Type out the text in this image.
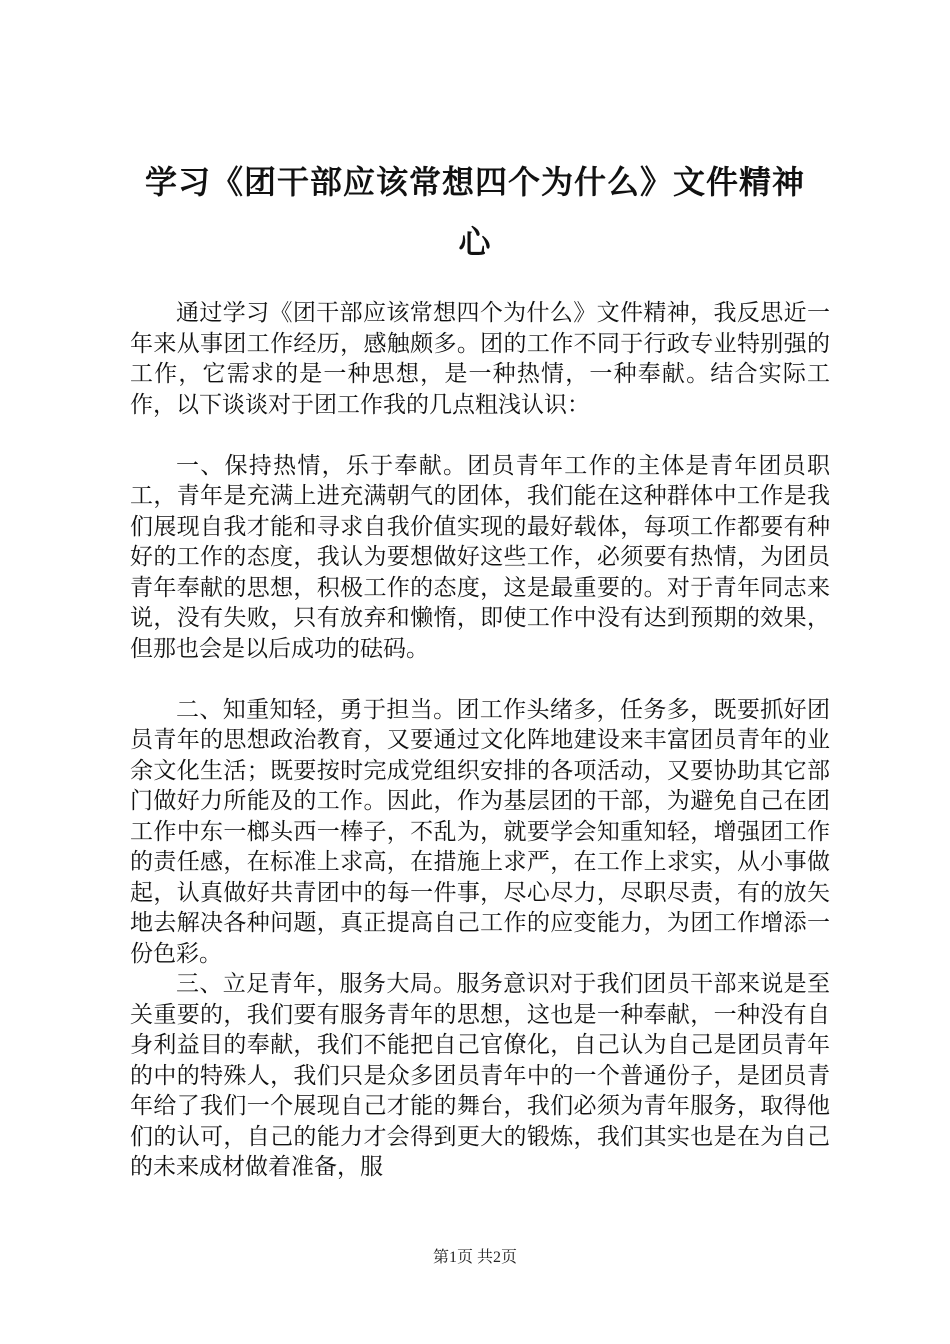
学习《团干部应该常想四个为什么》文件精神
心

通过学习《团干部应该常想四个为什么》文件精神，我反思近一年来从事团工作经历，感触颇多。团的工作不同于行政专业特别强的工作，它需求的是一种思想，是一种热情，一种奉献。结合实际工作，以下谈谈对于团工作我的几点粗浅认识：

一、保持热情，乐于奉献。团员青年工作的主体是青年团员职工，青年是充满上进充满朝气的团体，我们能在这种群体中工作是我们展现自我才能和寻求自我价值实现的最好载体，每项工作都要有种好的工作的态度，我认为要想做好这些工作，必须要有热情，为团员青年奉献的思想，积极工作的态度，这是最重要的。对于青年同志来说，没有失败，只有放弃和懒惰，即使工作中没有达到预期的效果，但那也会是以后成功的砝码。

二、知重知轻，勇于担当。团工作头绪多，任务多，既要抓好团员青年的思想政治教育，又要通过文化阵地建设来丰富团员青年的业余文化生活；既要按时完成党组织安排的各项活动，又要协助其它部门做好力所能及的工作。因此，作为基层团的干部，为避免自己在团工作中东一榔头西一棒子，不乱为，就要学会知重知轻，增强团工作的责任感，在标准上求高，在措施上求严，在工作上求实，从小事做起，认真做好共青团中的每一件事，尽心尽力，尽职尽责，有的放矢地去解决各种问题，真正提高自己工作的应变能力，为团工作增添一份色彩。

三、立足青年，服务大局。服务意识对于我们团员干部来说是至关重要的，我们要有服务青年的思想，这也是一种奉献，一种没有自身利益目的奉献，我们不能把自己官僚化，自己认为自己是团员青年的中的特殊人，我们只是众多团员青年中的一个普通份子，是团员青年给了我们一个展现自己才能的舞台，我们必须为青年服务，取得他们的认可，自己的能力才会得到更大的锻炼，我们其实也是在为自己的未来成材做着准备，服

第1页 共2页
